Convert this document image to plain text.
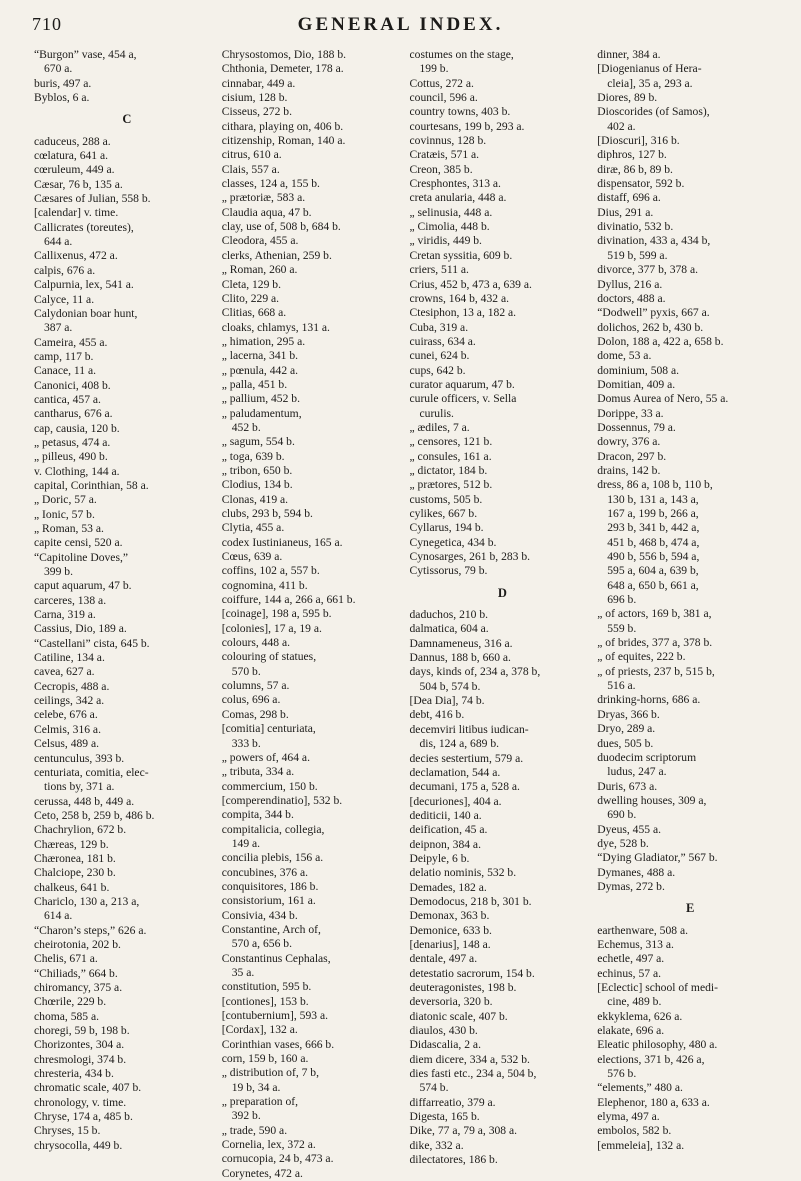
710	GENERAL INDEX.

“Burgon” vase, 454 a,
670 a.

buris, 497 a.

Byblos, 6 a.

C

caduceus, 288 a.

cœlatura, 641 a.

cœruleum, 449 a.

Cæsar, 76 b, 135 a.

Cæsares of Julian, 558 b.

[calendar] v. time.

Callicrates (toreutes),
644 a.

Callixenus, 472 a.

calpis, 676 a.

Calpurnia, lex, 541 a.

Calyce, 11 a.

Calydonian boar hunt,
387 a.

Cameira, 455 a.

camp, 117 b.

Canace, 11 a.

Canonici, 408 b.

cantica, 457 a.

cantharus, 676 a.

cap, causia, 120 b.

„ petasus, 474 a.

„ pilleus, 490 b.

v. Clothing, 144 a.

capital, Corinthian, 58 a.

„ Doric, 57 a.

„ Ionic, 57 b.

„ Roman, 53 a.

capite censi, 520 a.

“Capitoline Doves,”
399 b.

caput aquarum, 47 b.

carceres, 138 a.

Carna, 319 a.

Cassius, Dio, 189 a.

“Castellani” cista, 645 b.

Catiline, 134 a.

cavea, 627 a.

Cecropis, 488 a.

ceilings, 342 a.

celebe, 676 a.

Celmis, 316 a.

Celsus, 489 a.

centunculus, 393 b.

centuriata, comitia, elec-
tions by, 371 a.

cerussa, 448 b, 449 a.

Ceto, 258 b, 259 b, 486 b.

Chachrylion, 672 b.

Chæreas, 129 b.

Chæronea, 181 b.

Chalciope, 230 b.

chalkeus, 641 b.

Chariclo, 130 a, 213 a,
614 a.

“Charon’s steps,” 626 a.

cheirotonia, 202 b.

Chelis, 671 a.

“Chiliads,” 664 b.

chiromancy, 375 a.

Chœrile, 229 b.

choma, 585 a.

choregi, 59 b, 198 b.

Chorizontes, 304 a.

chresmologi, 374 b.

chresteria, 434 b.

chromatic scale, 407 b.

chronology, v. time.

Chryse, 174 a, 485 b.

Chryses, 15 b.

chrysocolla, 449 b.

Chrysostomos, Dio, 188 b.

Chthonia, Demeter, 178 a.

cinnabar, 449 a.

cisium, 128 b.

Cisseus, 272 b.

cithara, playing on, 406 b.

citizenship, Roman, 140 a.

citrus, 610 a.

Clais, 557 a.

classes, 124 a, 155 b.

„ prætoriæ, 583 a.

Claudia aqua, 47 b.

clay, use of, 508 b, 684 b.

Cleodora, 455 a.

clerks, Athenian, 259 b.

„ Roman, 260 a.

Cleta, 129 b.

Clito, 229 a.

Clitias, 668 a.

cloaks, chlamys, 131 a.

„ himation, 295 a.

„ lacerna, 341 b.

„ pœnula, 442 a.

„ palla, 451 b.

„ pallium, 452 b.

„ paludamentum,
452 b.

„ sagum, 554 b.

„ toga, 639 b.

„ tribon, 650 b.

Clodius, 134 b.

Clonas, 419 a.

clubs, 293 b, 594 b.

Clytia, 455 a.

codex Iustinianeus, 165 a.

Cœus, 639 a.

coffins, 102 a, 557 b.

cognomina, 411 b.

coiffure, 144 a, 266 a, 661 b.

[coinage], 198 a, 595 b.

[colonies], 17 a, 19 a.

colours, 448 a.

colouring of statues,
570 b.

columns, 57 a.

colus, 696 a.

Comas, 298 b.

[comitia] centuriata,
333 b.

„ powers of, 464 a.

„ tributa, 334 a.

commercium, 150 b.

[comperendinatio], 532 b.

compita, 344 b.

compitalicia, collegia,
149 a.

concilia plebis, 156 a.

concubines, 376 a.

conquisitores, 186 b.

consistorium, 161 a.

Consivia, 434 b.

Constantine, Arch of,
570 a, 656 b.

Constantinus Cephalas,
35 a.

constitution, 595 b.

[contiones], 153 b.

[contubernium], 593 a.

[Cordax], 132 a.

Corinthian vases, 666 b.

corn, 159 b, 160 a.

„ distribution of, 7 b,
19 b, 34 a.

„ preparation of,
392 b.

„ trade, 590 a.

Cornelia, lex, 372 a.

cornucopia, 24 b, 473 a.

Corynetes, 472 a.

costumes on the stage,
199 b.

Cottus, 272 a.

council, 596 a.

country towns, 403 b.

courtesans, 199 b, 293 a.

covinnus, 128 b.

Cratæis, 571 a.

Creon, 385 b.

Cresphontes, 313 a.

creta anularia, 448 a.

„ selinusia, 448 a.

„ Cimolia, 448 b.

„ viridis, 449 b.

Cretan syssitia, 609 b.

criers, 511 a.

Crius, 452 b, 473 a, 639 a.

crowns, 164 b, 432 a.

Ctesiphon, 13 a, 182 a.

Cuba, 319 a.

cuirass, 634 a.

cunei, 624 b.

cups, 642 b.

curator aquarum, 47 b.

curule officers, v. Sella
curulis.

„ ædiles, 7 a.

„ censores, 121 b.

„ consules, 161 a.

„ dictator, 184 b.

„ prætores, 512 b.

customs, 505 b.

cylikes, 667 b.

Cyllarus, 194 b.

Cynegetica, 434 b.

Cynosarges, 261 b, 283 b.

Cytissorus, 79 b.

D

daduchos, 210 b.

dalmatica, 604 a.

Damnameneus, 316 a.

Dannus, 188 b, 660 a.

days, kinds of, 234 a, 378 b,
504 b, 574 b.

[Dea Dia], 74 b.

debt, 416 b.

decemviri litibus iudican-
dis, 124 a, 689 b.

decies sestertium, 579 a.

declamation, 544 a.

decumani, 175 a, 528 a.

[decuriones], 404 a.

dediticii, 140 a.

deification, 45 a.

deipnon, 384 a.

Deipyle, 6 b.

delatio nominis, 532 b.

Demades, 182 a.

Demodocus, 218 b, 301 b.

Demonax, 363 b.

Demonice, 633 b.

[denarius], 148 a.

dentale, 497 a.

detestatio sacrorum, 154 b.

deuteragonistes, 198 b.

deversoria, 320 b.

diatonic scale, 407 b.

diaulos, 430 b.

Didascalia, 2 a.

diem dicere, 334 a, 532 b.

dies fasti etc., 234 a, 504 b,
574 b.

diffarreatio, 379 a.

Digesta, 165 b.

Dike, 77 a, 79 a, 308 a.

dike, 332 a.

dilectatores, 186 b.

dinner, 384 a.

[Diogenianus of Hera-
cleia], 35 a, 293 a.

Diores, 89 b.

Dioscorides (of Samos),
402 a.

[Dioscuri], 316 b.

diphros, 127 b.

diræ, 86 b, 89 b.

dispensator, 592 b.

distaff, 696 a.

Dius, 291 a.

divinatio, 532 b.

divination, 433 a, 434 b,
519 b, 599 a.

divorce, 377 b, 378 a.

Dyllus, 216 a.

doctors, 488 a.

“Dodwell” pyxis, 667 a.

dolichos, 262 b, 430 b.

Dolon, 188 a, 422 a, 658 b.

dome, 53 a.

dominium, 508 a.

Domitian, 409 a.

Domus Aurea of Nero, 55 a.

Dorippe, 33 a.

Dossennus, 79 a.

dowry, 376 a.

Dracon, 297 b.

drains, 142 b.

dress, 86 a, 108 b, 110 b,
130 b, 131 a, 143 a,
167 a, 199 b, 266 a,
293 b, 341 b, 442 a,
451 b, 468 b, 474 a,
490 b, 556 b, 594 a,
595 a, 604 a, 639 b,
648 a, 650 b, 661 a,
696 b.

„ of actors, 169 b, 381 a,
559 b.

„ of brides, 377 a, 378 b.

„ of equites, 222 b.

„ of priests, 237 b, 515 b,
516 a.

drinking-horns, 686 a.

Dryas, 366 b.

Dryo, 289 a.

dues, 505 b.

duodecim scriptorum
ludus, 247 a.

Duris, 673 a.

dwelling houses, 309 a,
690 b.

Dyeus, 455 a.

dye, 528 b.

“Dying Gladiator,” 567 b.

Dymanes, 488 a.

Dymas, 272 b.

E

earthenware, 508 a.

Echemus, 313 a.

echetle, 497 a.

echinus, 57 a.

[Eclectic] school of medi-
cine, 489 b.

ekkyklema, 626 a.

elakate, 696 a.

Eleatic philosophy, 480 a.

elections, 371 b, 426 a,
576 b.

“elements,” 480 a.

Elephenor, 180 a, 633 a.

elyma, 497 a.

embolos, 582 b.

[emmeleia], 132 a.
